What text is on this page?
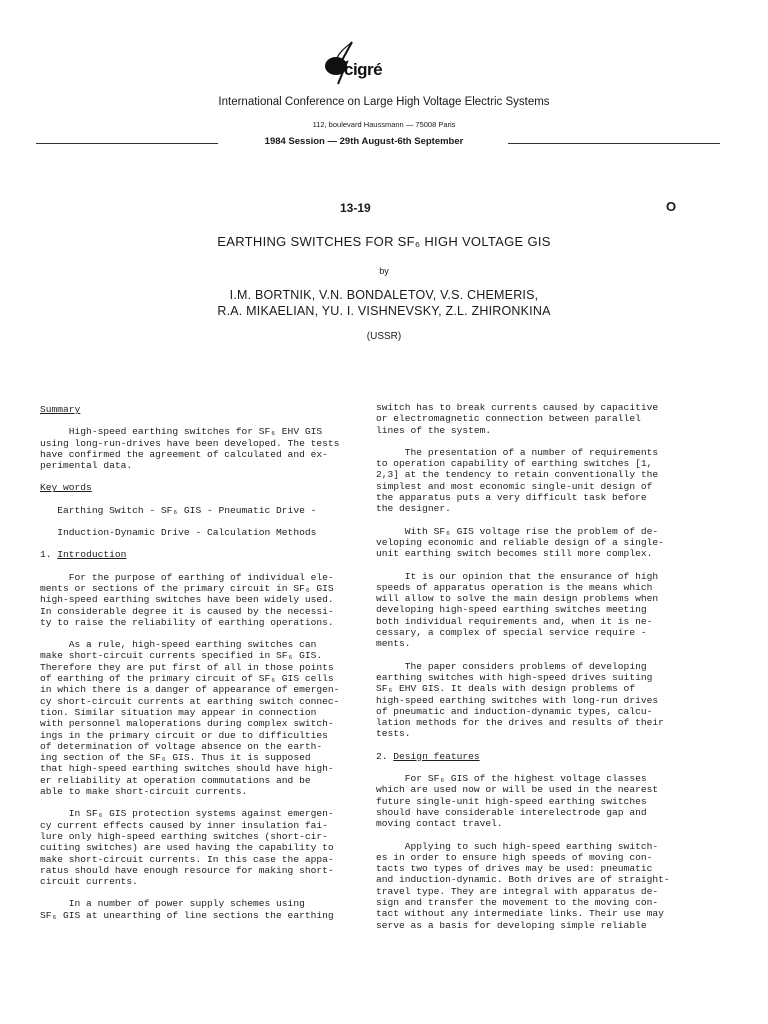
cigré
International Conference on Large High Voltage Electric Systems
112, boulevard Haussmann — 75008 Paris
1984 Session — 29th August-6th September
13-19	O
EARTHING SWITCHES FOR SF₆ HIGH VOLTAGE GIS
by
I.M. BORTNIK, V.N. BONDALETOV, V.S. CHEMERIS,
R.A. MIKAELIAN, YU. I. VISHNEVSKY, Z.L. ZHIRONKINA
(USSR)

Summary

High-speed earthing switches for SF₆ EHV GIS

using long-run-drives have been developed. The tests

have confirmed the agreement of calculated and ex-

perimental data.

Key words

Earthing Switch - SF₆ GIS - Pneumatic Drive -

Induction-Dynamic Drive - Calculation Methods

1. Introduction

For the purpose of earthing of individual ele-

ments or sections of the primary circuit in SF₆ GIS

high-speed earthing switches have been widely used.

In considerable degree it is caused by the necessi-

ty to raise the reliability of earthing operations.

As a rule, high-speed earthing switches can

make short-circuit currents specified in SF₆ GIS.

Therefore they are put first of all in those points

of earthing of the primary circuit of SF₆ GIS cells

in which there is a danger of appearance of emergen-

cy short-circuit currents at earthing switch connec-

tion. Similar situation may appear in connection

with personnel maloperations during complex switch-

ings in the primary circuit or due to difficulties

of determination of voltage absence on the earth-

ing section of the SF₆ GIS. Thus it is supposed

that high-speed earthing switches should have high-

er reliability at operation commutations and be

able to make short-circuit currents.

In SF₆ GIS protection systems against emergen-

cy current effects caused by inner insulation fai-

lure only high-speed earthing switches (short-cir-

cuiting switches) are used having the capability to

make short-circuit currents. In this case the appa-

ratus should have enough resource for making short-

circuit currents.

In a number of power supply schemes using

SF₆ GIS at unearthing of line sections the earthing

switch has to break currents caused by capacitive

or electromagnetic connection between parallel

lines of the system.

The presentation of a number of requirements

to operation capability of earthing switches [1,

2,3] at the tendency to retain conventionally the

simplest and most economic single-unit design of

the apparatus puts a very difficult task before

the designer.

With SF₆ GIS voltage rise the problem of de-

veloping economic and reliable design of a single-

unit earthing switch becomes still more complex.

It is our opinion that the ensurance of high

speeds of apparatus operation is the means which

will allow to solve the main design problems when

developing high-speed earthing switches meeting

both individual requirements and, when it is ne-

cessary, a complex of special service require -

ments.

The paper considers problems of developing

earthing switches with high-speed drives suiting

SF₆ EHV GIS. It deals with design problems of

high-speed earthing switches with long-run drives

of pneumatic and induction-dynamic types, calcu-

lation methods for the drives and results of their

tests.

2. Design features

For SF₆ GIS of the highest voltage classes

which are used now or will be used in the nearest

future single-unit high-speed earthing switches

should have considerable interelectrode gap and

moving contact travel.

Applying to such high-speed earthing switch-

es in order to ensure high speeds of moving con-

tacts two types of drives may be used: pneumatic

and induction-dynamic. Both drives are of straight-

travel type. They are integral with apparatus de-

sign and transfer the movement to the moving con-

tact without any intermediate links. Their use may

serve as a basis for developing simple reliable
